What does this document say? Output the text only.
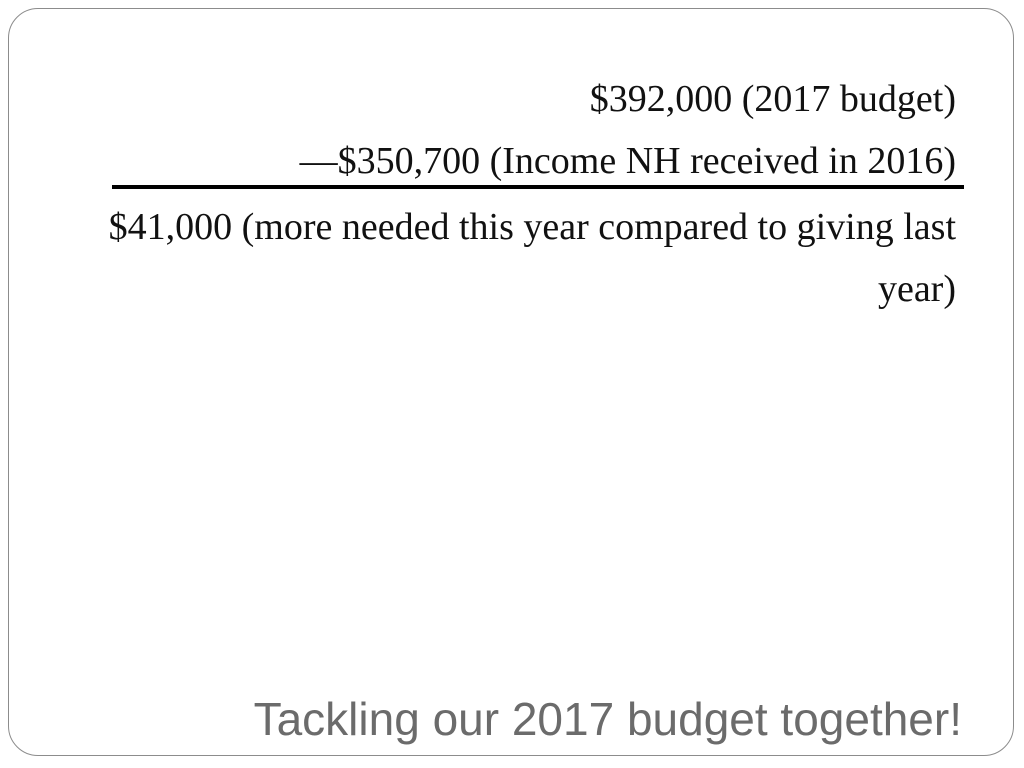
$392,000 (2017 budget)
—$350,700 (Income NH received in 2016)
$41,000 (more needed this year compared to giving last year)
Tackling our 2017 budget together!
